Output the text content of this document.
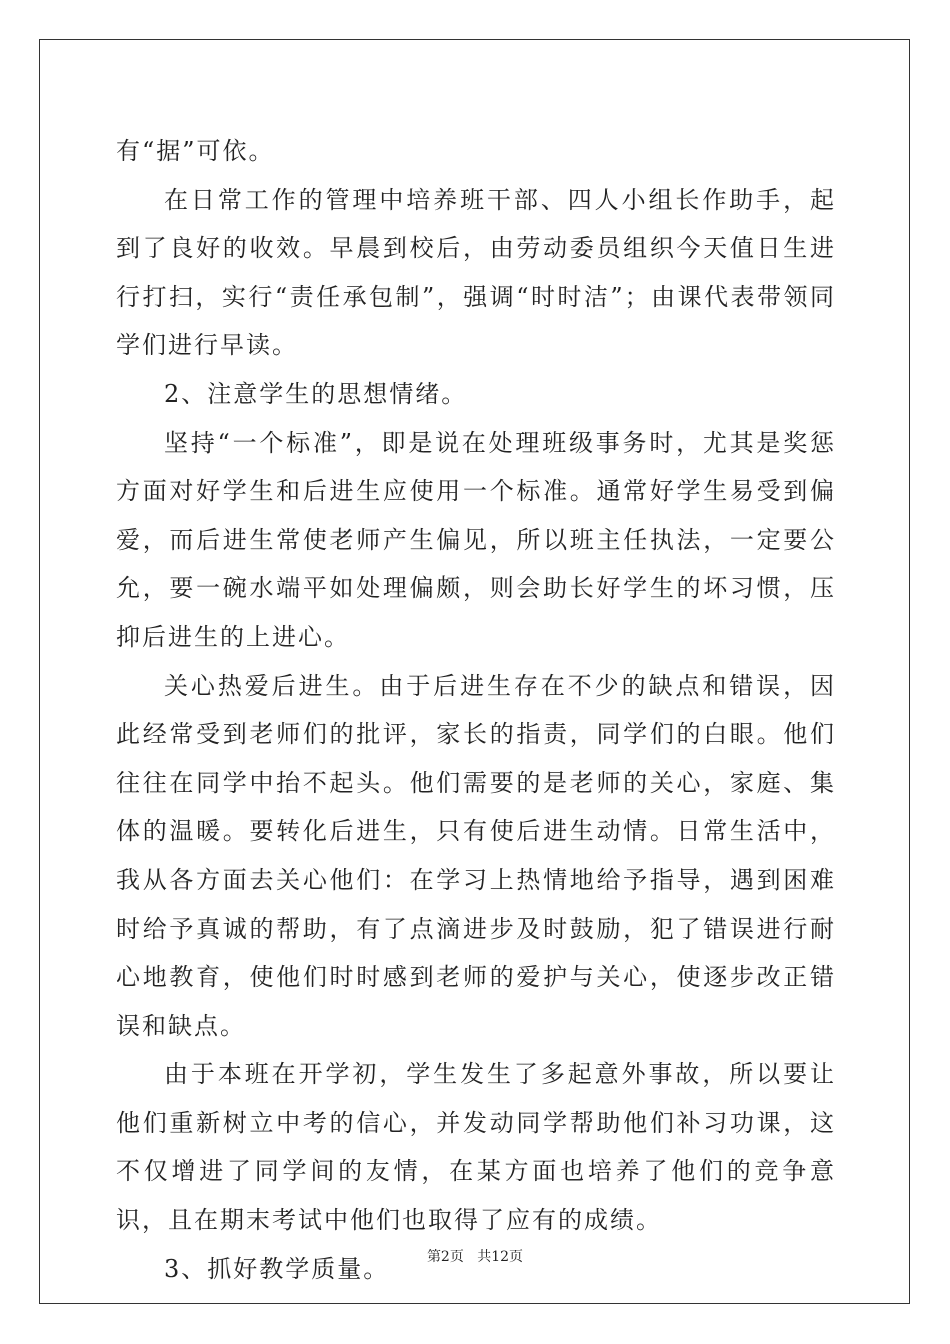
有“据”可依。

在日常工作的管理中培养班干部、四人小组长作助手，起到了良好的收效。早晨到校后，由劳动委员组织今天值日生进行打扫，实行“责任承包制”，强调“时时洁”；由课代表带领同学们进行早读。

2、注意学生的思想情绪。

坚持“一个标准”，即是说在处理班级事务时，尤其是奖惩方面对好学生和后进生应使用一个标准。通常好学生易受到偏爱，而后进生常使老师产生偏见，所以班主任执法，一定要公允，要一碗水端平如处理偏颇，则会助长好学生的坏习惯，压抑后进生的上进心。

关心热爱后进生。由于后进生存在不少的缺点和错误，因此经常受到老师们的批评，家长的指责，同学们的白眼。他们往往在同学中抬不起头。他们需要的是老师的关心，家庭、集体的温暖。要转化后进生，只有使后进生动情。日常生活中，我从各方面去关心他们：在学习上热情地给予指导，遇到困难时给予真诚的帮助，有了点滴进步及时鼓励，犯了错误进行耐心地教育，使他们时时感到老师的爱护与关心，使逐步改正错误和缺点。

由于本班在开学初，学生发生了多起意外事故，所以要让他们重新树立中考的信心，并发动同学帮助他们补习功课，这不仅增进了同学间的友情，在某方面也培养了他们的竞争意识，且在期末考试中他们也取得了应有的成绩。

3、抓好教学质量。	第2页 共12页
